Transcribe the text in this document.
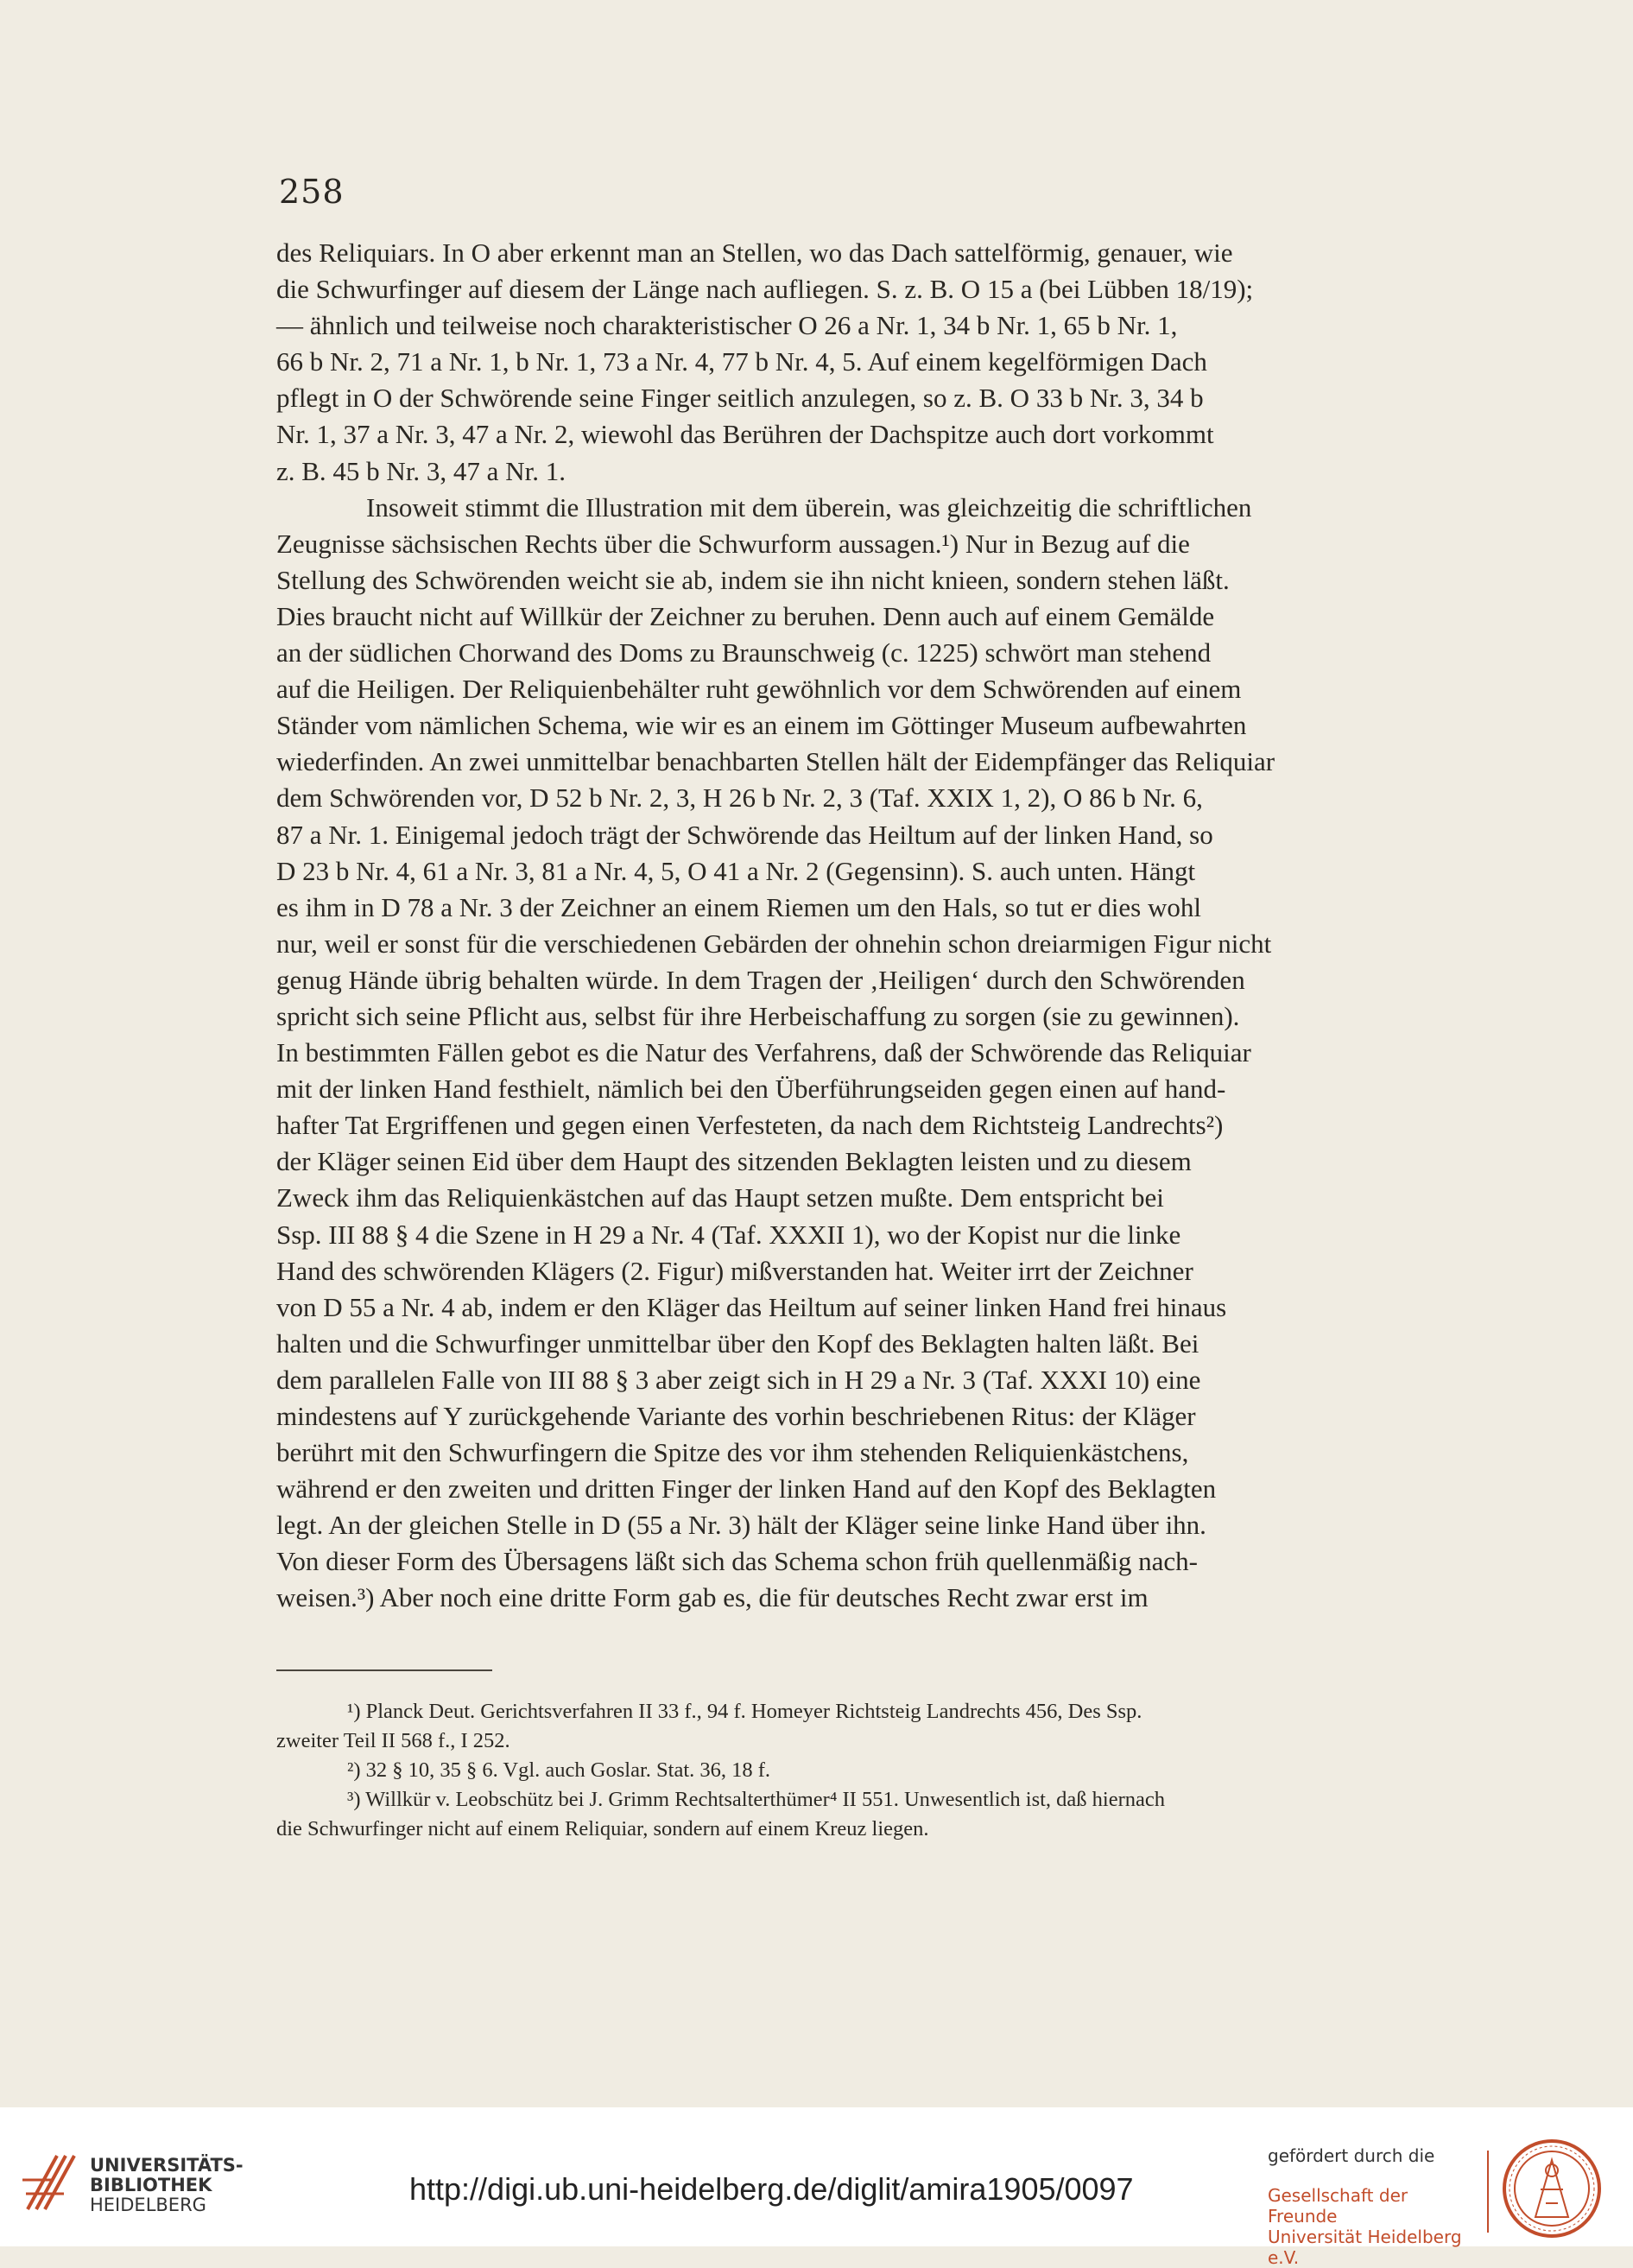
258
des Reliquiars. In O aber erkennt man an Stellen, wo das Dach sattelförmig, genauer, wie
die Schwurfinger auf diesem der Länge nach aufliegen. S. z. B. O 15 a (bei Lübben 18/19);
— ähnlich und teilweise noch charakteristischer O 26 a Nr. 1, 34 b Nr. 1, 65 b Nr. 1,
66 b Nr. 2, 71 a Nr. 1, b Nr. 1, 73 a Nr. 4, 77 b Nr. 4, 5. Auf einem kegelförmigen Dach
pflegt in O der Schwörende seine Finger seitlich anzulegen, so z. B. O 33 b Nr. 3, 34 b
Nr. 1, 37 a Nr. 3, 47 a Nr. 2, wiewohl das Berühren der Dachspitze auch dort vorkommt
z. B. 45 b Nr. 3, 47 a Nr. 1.
Insoweit stimmt die Illustration mit dem überein, was gleichzeitig die schriftlichen
Zeugnisse sächsischen Rechts über die Schwurform aussagen.¹) Nur in Bezug auf die
Stellung des Schwörenden weicht sie ab, indem sie ihn nicht knieen, sondern stehen läßt.
Dies braucht nicht auf Willkür der Zeichner zu beruhen. Denn auch auf einem Gemälde
an der südlichen Chorwand des Doms zu Braunschweig (c. 1225) schwört man stehend
auf die Heiligen. Der Reliquienbehälter ruht gewöhnlich vor dem Schwörenden auf einem
Ständer vom nämlichen Schema, wie wir es an einem im Göttinger Museum aufbewahrten
wiederfinden. An zwei unmittelbar benachbarten Stellen hält der Eidempfänger das Reliquiar
dem Schwörenden vor, D 52 b Nr. 2, 3, H 26 b Nr. 2, 3 (Taf. XXIX 1, 2), O 86 b Nr. 6,
87 a Nr. 1. Einigemal jedoch trägt der Schwörende das Heiltum auf der linken Hand, so
D 23 b Nr. 4, 61 a Nr. 3, 81 a Nr. 4, 5, O 41 a Nr. 2 (Gegensinn). S. auch unten. Hängt
es ihm in D 78 a Nr. 3 der Zeichner an einem Riemen um den Hals, so tut er dies wohl
nur, weil er sonst für die verschiedenen Gebärden der ohnehin schon dreiarmigen Figur nicht
genug Hände übrig behalten würde. In dem Tragen der ‚Heiligen‘ durch den Schwörenden
spricht sich seine Pflicht aus, selbst für ihre Herbeischaffung zu sorgen (sie zu gewinnen).
In bestimmten Fällen gebot es die Natur des Verfahrens, daß der Schwörende das Reliquiar
mit der linken Hand festhielt, nämlich bei den Überführungseiden gegen einen auf hand-
hafter Tat Ergriffenen und gegen einen Verfesteten, da nach dem Richtsteig Landrechts²)
der Kläger seinen Eid über dem Haupt des sitzenden Beklagten leisten und zu diesem
Zweck ihm das Reliquienkästchen auf das Haupt setzen mußte. Dem entspricht bei
Ssp. III 88 § 4 die Szene in H 29 a Nr. 4 (Taf. XXXII 1), wo der Kopist nur die linke
Hand des schwörenden Klägers (2. Figur) mißverstanden hat. Weiter irrt der Zeichner
von D 55 a Nr. 4 ab, indem er den Kläger das Heiltum auf seiner linken Hand frei hinaus
halten und die Schwurfinger unmittelbar über den Kopf des Beklagten halten läßt. Bei
dem parallelen Falle von III 88 § 3 aber zeigt sich in H 29 a Nr. 3 (Taf. XXXI 10) eine
mindestens auf Y zurückgehende Variante des vorhin beschriebenen Ritus: der Kläger
berührt mit den Schwurfingern die Spitze des vor ihm stehenden Reliquienkästchens,
während er den zweiten und dritten Finger der linken Hand auf den Kopf des Beklagten
legt. An der gleichen Stelle in D (55 a Nr. 3) hält der Kläger seine linke Hand über ihn.
Von dieser Form des Übersagens läßt sich das Schema schon früh quellenmäßig nach-
weisen.³) Aber noch eine dritte Form gab es, die für deutsches Recht zwar erst im
¹) Planck Deut. Gerichtsverfahren II 33 f., 94 f. Homeyer Richtsteig Landrechts 456, Des Ssp.
zweiter Teil II 568 f., I 252.
²) 32 § 10, 35 § 6. Vgl. auch Goslar. Stat. 36, 18 f.
³) Willkür v. Leobschütz bei J. Grimm Rechtsalterthümer⁴ II 551. Unwesentlich ist, daß hiernach
die Schwurfinger nicht auf einem Reliquiar, sondern auf einem Kreuz liegen.
UNIVERSITÄTS-
BIBLIOTHEK
HEIDELBERG	http://digi.ub.uni-heidelberg.de/diglit/amira1905/0097
gefördert durch die
Gesellschaft der Freunde
Universität Heidelberg e.V.
